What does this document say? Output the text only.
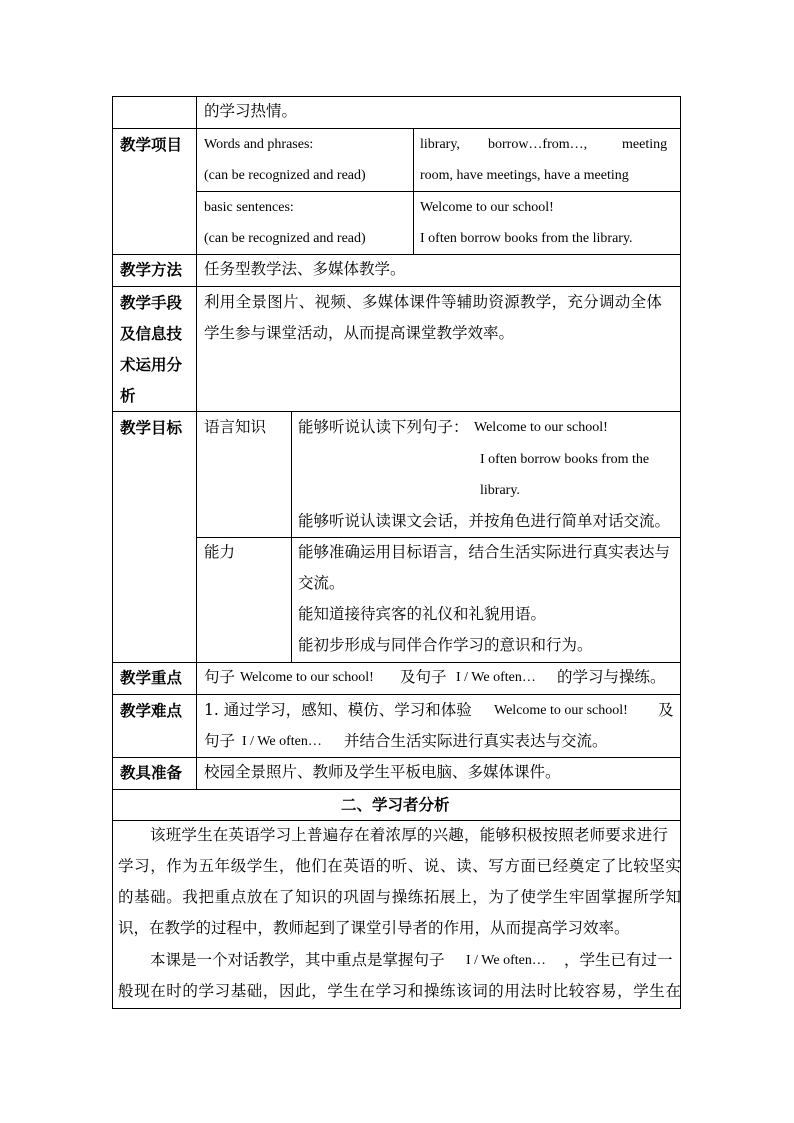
的学习热情。
教学项目 Words and phrases:
(can be recognized and read)
library, borrow…from…, meeting
room, have meetings, have a meeting
basic sentences:
(can be recognized and read)
Welcome to our school!
I often borrow books from the library.
教学方法 任务型教学法、多媒体教学。
教学手段
及信息技
术运用分
析
利用全景图片、视频、多媒体课件等辅助资源教学，充分调动全体
学生参与课堂活动，从而提高课堂教学效率。
教学目标 语言知识 能够听说认读下列句子： Welcome to our school!
I often borrow books from the
library.
能够听说认读课文会话，并按角色进行简单对话交流。
能力	能够准确运用目标语言，结合生活实际进行真实表达与
交流。
能知道接待宾客的礼仪和礼貌用语。
能初步形成与同伴合作学习的意识和行为。
教学重点 句子 Welcome to our school! 及句子 I / We often… 的学习与操练。
教学难点 1. 通过学习，感知、模仿、学习和体验 Welcome to our school! 及
句子 I / We often… 并结合生活实际进行真实表达与交流。
教具准备 校园全景照片、教师及学生平板电脑、多媒体课件。
二、学习者分析
该班学生在英语学习上普遍存在着浓厚的兴趣，能够积极按照老师要求进行
学习，作为五年级学生，他们在英语的听、说、读、写方面已经奠定了比较坚实
的基础。我把重点放在了知识的巩固与操练拓展上，为了使学生牢固掌握所学知
识，在教学的过程中，教师起到了课堂引导者的作用，从而提高学习效率。
本课是一个对话教学，其中重点是掌握句子 I / We often… ，学生已有过一
般现在时的学习基础，因此，学生在学习和操练该词的用法时比较容易，学生在
